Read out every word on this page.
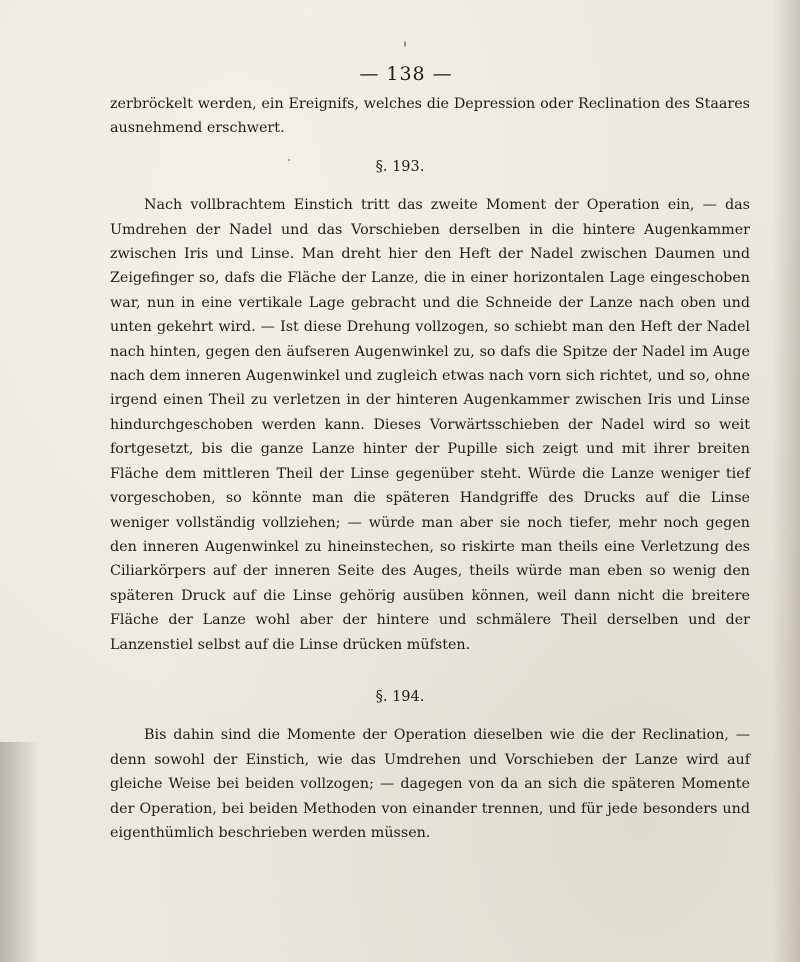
— 138 —

zerbröckelt werden, ein Ereignifs, welches die Depression oder Reclination des Staares ausnehmend erschwert.

§. 193.

Nach vollbrachtem Einstich tritt das zweite Moment der Operation ein, — das Umdrehen der Nadel und das Vorschieben derselben in die hintere Augenkammer zwischen Iris und Linse. Man dreht hier den Heft der Nadel zwischen Daumen und Zeigefinger so, dafs die Fläche der Lanze, die in einer horizontalen Lage eingeschoben war, nun in eine vertikale Lage gebracht und die Schneide der Lanze nach oben und unten gekehrt wird. — Ist diese Drehung vollzogen, so schiebt man den Heft der Nadel nach hinten, gegen den äufseren Augenwinkel zu, so dafs die Spitze der Nadel im Auge nach dem inneren Augenwinkel und zugleich etwas nach vorn sich richtet, und so, ohne irgend einen Theil zu verletzen in der hinteren Augenkammer zwischen Iris und Linse hindurchgeschoben werden kann. Dieses Vorwärtsschieben der Nadel wird so weit fortgesetzt, bis die ganze Lanze hinter der Pupille sich zeigt und mit ihrer breiten Fläche dem mittleren Theil der Linse gegenüber steht. Würde die Lanze weniger tief vorgeschoben, so könnte man die späteren Handgriffe des Drucks auf die Linse weniger vollständig vollziehen; — würde man aber sie noch tiefer, mehr noch gegen den inneren Augenwinkel zu hineinstechen, so riskirte man theils eine Verletzung des Ciliarkörpers auf der inneren Seite des Auges, theils würde man eben so wenig den späteren Druck auf die Linse gehörig ausüben können, weil dann nicht die breitere Fläche der Lanze wohl aber der hintere und schmälere Theil derselben und der Lanzenstiel selbst auf die Linse drücken müfsten.

§. 194.

Bis dahin sind die Momente der Operation dieselben wie die der Reclination, — denn sowohl der Einstich, wie das Umdrehen und Vorschieben der Lanze wird auf gleiche Weise bei beiden vollzogen; — dagegen von da an sich die späteren Momente der Operation, bei beiden Methoden von einander trennen, und für jede besonders und eigenthümlich beschrieben werden müssen.
